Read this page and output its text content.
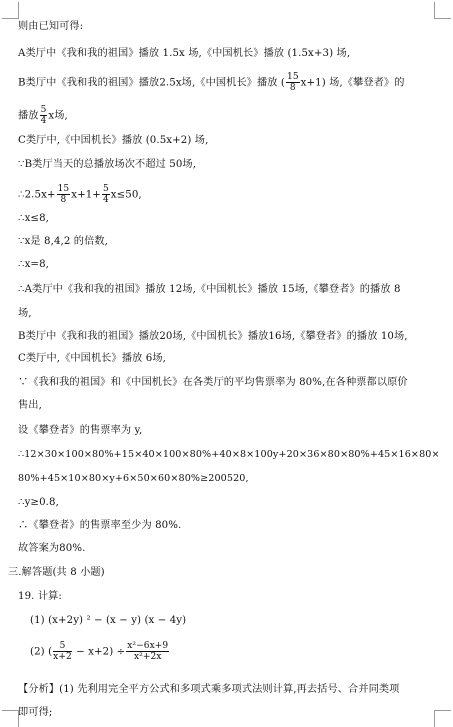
则由已知可得:
A类厅中《我和我的祖国》播放 1.5x 场,《中国机长》播放 (1.5x+3) 场,
B类厅中《我和我的祖国》播放2.5x场,《中国机长》播放 ( $\frac{15}{8} x+1$) 场,《攀登者》的
播放 $\frac{5}{4}$ x场,
C类厅中,《中国机长》播放 (0.5x+2) 场,
∵B类厅当天的总播放场次不超过 50场,
∴2.5x+ $\frac{15}{8} x+1+ \frac{5}{4} x\le 50$,
∴x≤8,
∵x是 8,4,2 的倍数,
∴x=8,
∴A类厅中《我和我的祖国》播放 12场,《中国机长》播放 15场,《攀登者》的播放 8
场,
B类厅中《我和我的祖国》播放20场,《中国机长》播放16场,《攀登者》的播放 10场,
C类厅中,《中国机长》播放 6场,
∵《我和我的祖国》和《中国机长》在各类厅的平均售票率为 80%,在各种票都以原价
售出,
设《攀登者》的售票率为 y,
∴12×30×100×80%+15×40×100×80%+40×8×100y+20×36×80×80%+45×16×80×
80%+45×10×80×y+6×50×60×80%≥200520,
∴y≥0.8,
∴《攀登者》的售票率至少为 80%.
故答案为80%.
三.解答题(共 8 小题)
19. 计算:
(1) (x+2y) ² − (x − y) (x − 4y)
(2) ( $\frac{5}{x+2} - x+2) \div \frac{\text{x²−6x+9}}{\text{x²+2x}}$
【分析】(1) 先利用完全平方公式和多项式乘多项式法则计算,再去括号、合并同类项
即可得;
